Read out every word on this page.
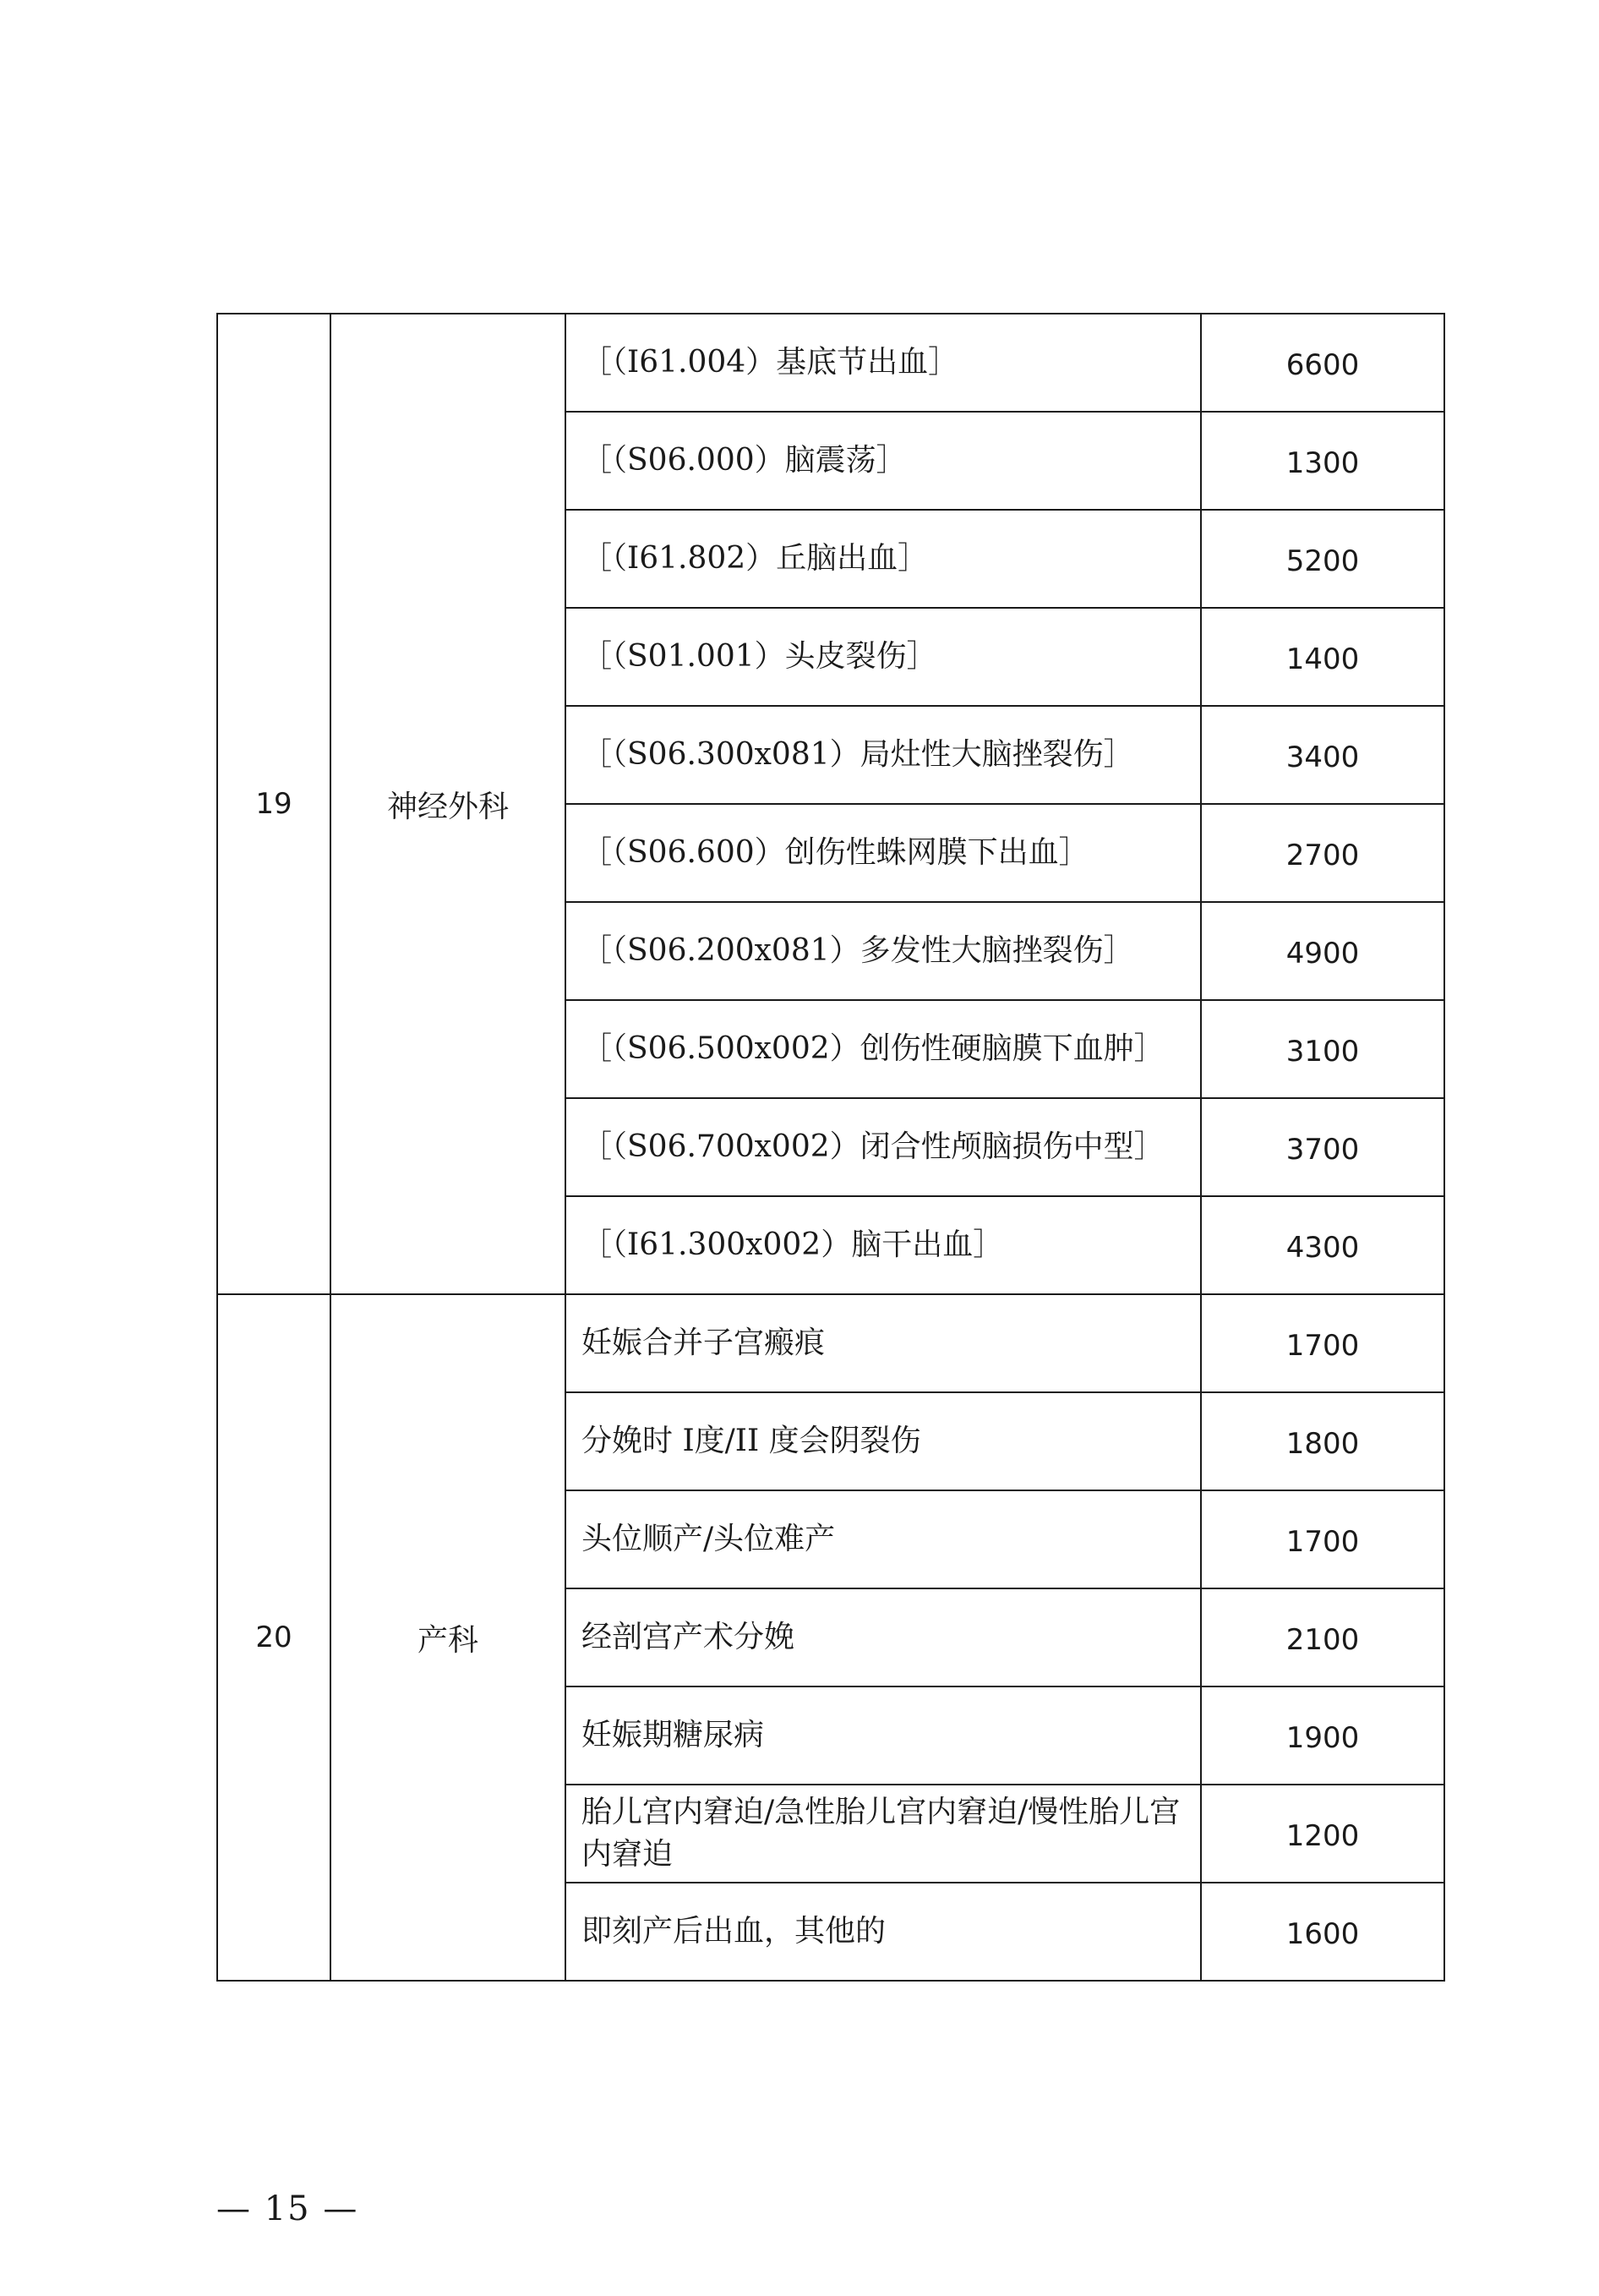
19	神经外科	［（I61.004）基底节出血］	6600
		［（S06.000）脑震荡］	1300
		［（I61.802）丘脑出血］	5200
		［（S01.001）头皮裂伤］	1400
		［（S06.300x081）局灶性大脑挫裂伤］	3400
		［（S06.600）创伤性蛛网膜下出血］	2700
		［（S06.200x081）多发性大脑挫裂伤］	4900
		［（S06.500x002）创伤性硬脑膜下血肿］	3100
		［（S06.700x002）闭合性颅脑损伤中型］	3700
		［（I61.300x002）脑干出血］	4300
20	产科	妊娠合并子宫瘢痕	1700
		分娩时 I度/II 度会阴裂伤	1800
		头位顺产/头位难产	1700
		经剖宫产术分娩	2100
		妊娠期糖尿病	1900
		胎儿宫内窘迫/急性胎儿宫内窘迫/慢性胎儿宫内窘迫	1200
		即刻产后出血，其他的	1600
— 15 —
